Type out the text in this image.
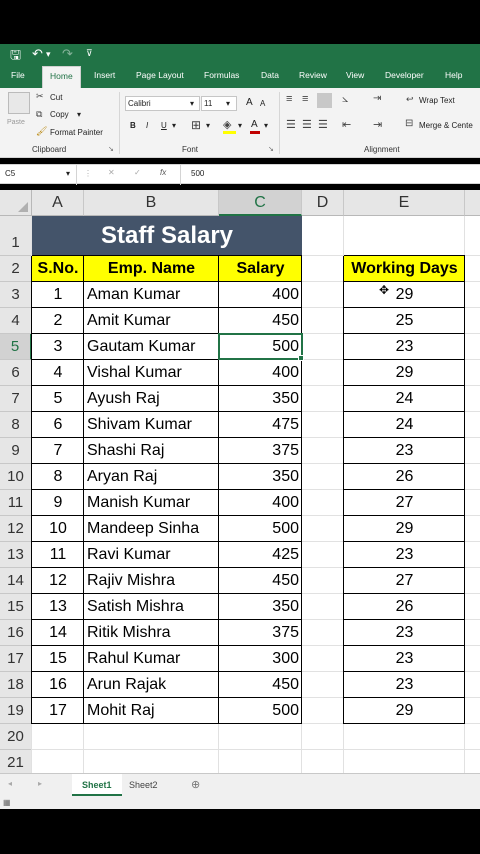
🖫 ↶ ▾ ↷ ⊽
File	Home	Insert Page Layout Formulas	Data Review View Developer	Help
Paste
✂ Cut
⧉ Copy ▾
🖌 Format Painter
Clipboard	↘
Calibri	▾ 11 ▾ A A
B I U ▾ ⊞ ▾ ◈ ▾ A ▾
Font	↘
≡ ≡	⦣ ⇥	↩ Wrap Text
☰ ☰ ☰ ⇤ ⇥ ⊟ Merge & Cente
Alignment
C5	▾ ⋮ ✕ ✓ fx	500
A	B	C	D	E
1
2
3
4
5
6
7
8
9
10
11
12
13
14
15
16
17
18
19
20
21
Staff Salary
S.No.	Emp. Name	Salary	Working Days
1	Aman Kumar	400	29
2	Amit Kumar	450	25
3	Gautam Kumar	500	23
4	Vishal Kumar	400	29
5	Ayush Raj	350	24
6	Shivam Kumar	475	24
7	Shashi Raj	375	23
8	Aryan Raj	350	26
9	Manish Kumar	400	27
10	Mandeep Sinha	500	29
11	Ravi Kumar	425	23
12	Rajiv Mishra	450	27
13	Satish Mishra	350	26
14	Ritik Mishra	375	23
15	Rahul Kumar	300	23
16	Arun Rajak	450	23
17	Mohit Raj	500	29
✥
◂	▸	Sheet1	Sheet2	⊕
▦
